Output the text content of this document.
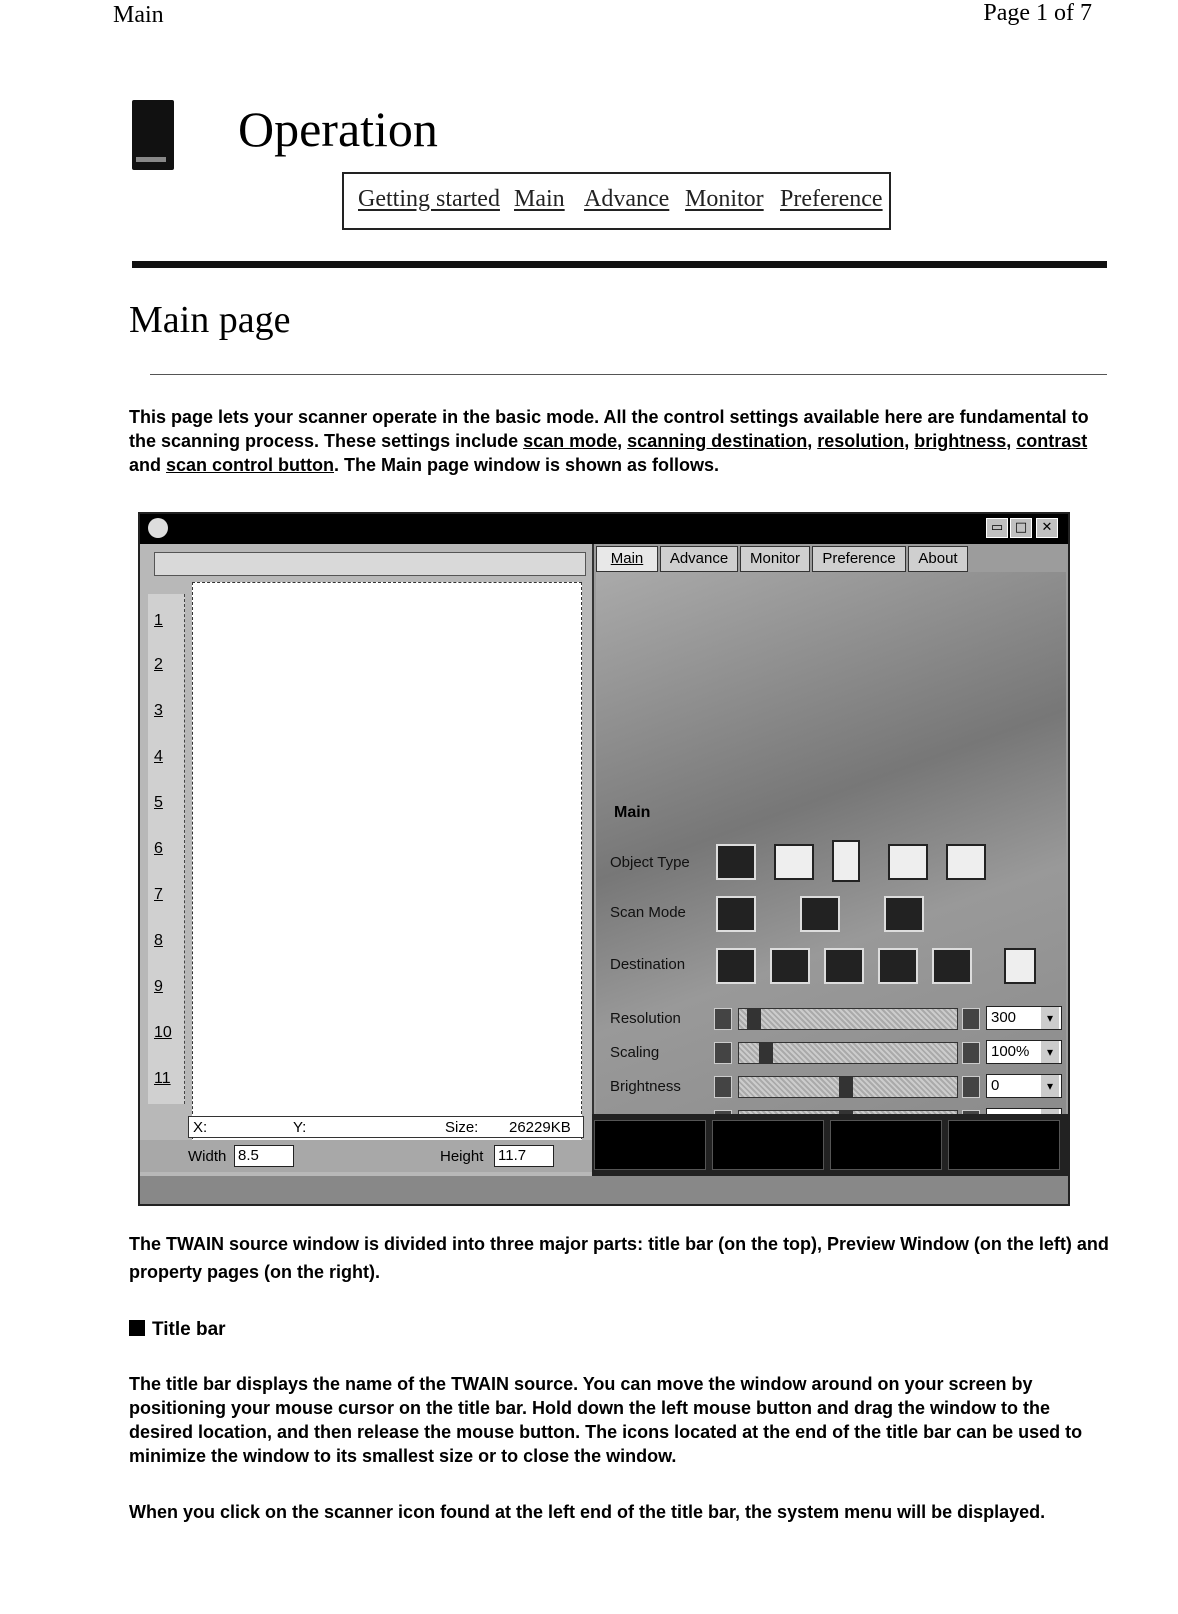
Main	Page 1 of 7
Operation
Getting started Main Advance Monitor Preference
Main page
This page lets your scanner operate in the basic mode. All the control settings available here are fundamental to the scanning process. These settings include scan mode, scanning destination, resolution, brightness, contrast and scan control button. The Main page window is shown as follows.
▭ □	✕
1
2
3
4
5
6
7
8
9
10
11
X:	Y:	Size: 26229KB
Width 8.5	Height 11.7
Main	Advance	Monitor	Preference	About
Main
Object Type
Scan Mode
Destination
Resolution	300 ▾
Scaling	100% ▾
Brightness	0 ▾
▾
The TWAIN source window is divided into three major parts: title bar (on the top), Preview Window (on the left) and property pages (on the right).
Title bar
The title bar displays the name of the TWAIN source. You can move the window around on your screen by positioning your mouse cursor on the title bar. Hold down the left mouse button and drag the window to the desired location, and then release the mouse button. The icons located at the end of the title bar can be used to minimize the window to its smallest size or to close the window.
When you click on the scanner icon found at the left end of the title bar, the system menu will be displayed.
